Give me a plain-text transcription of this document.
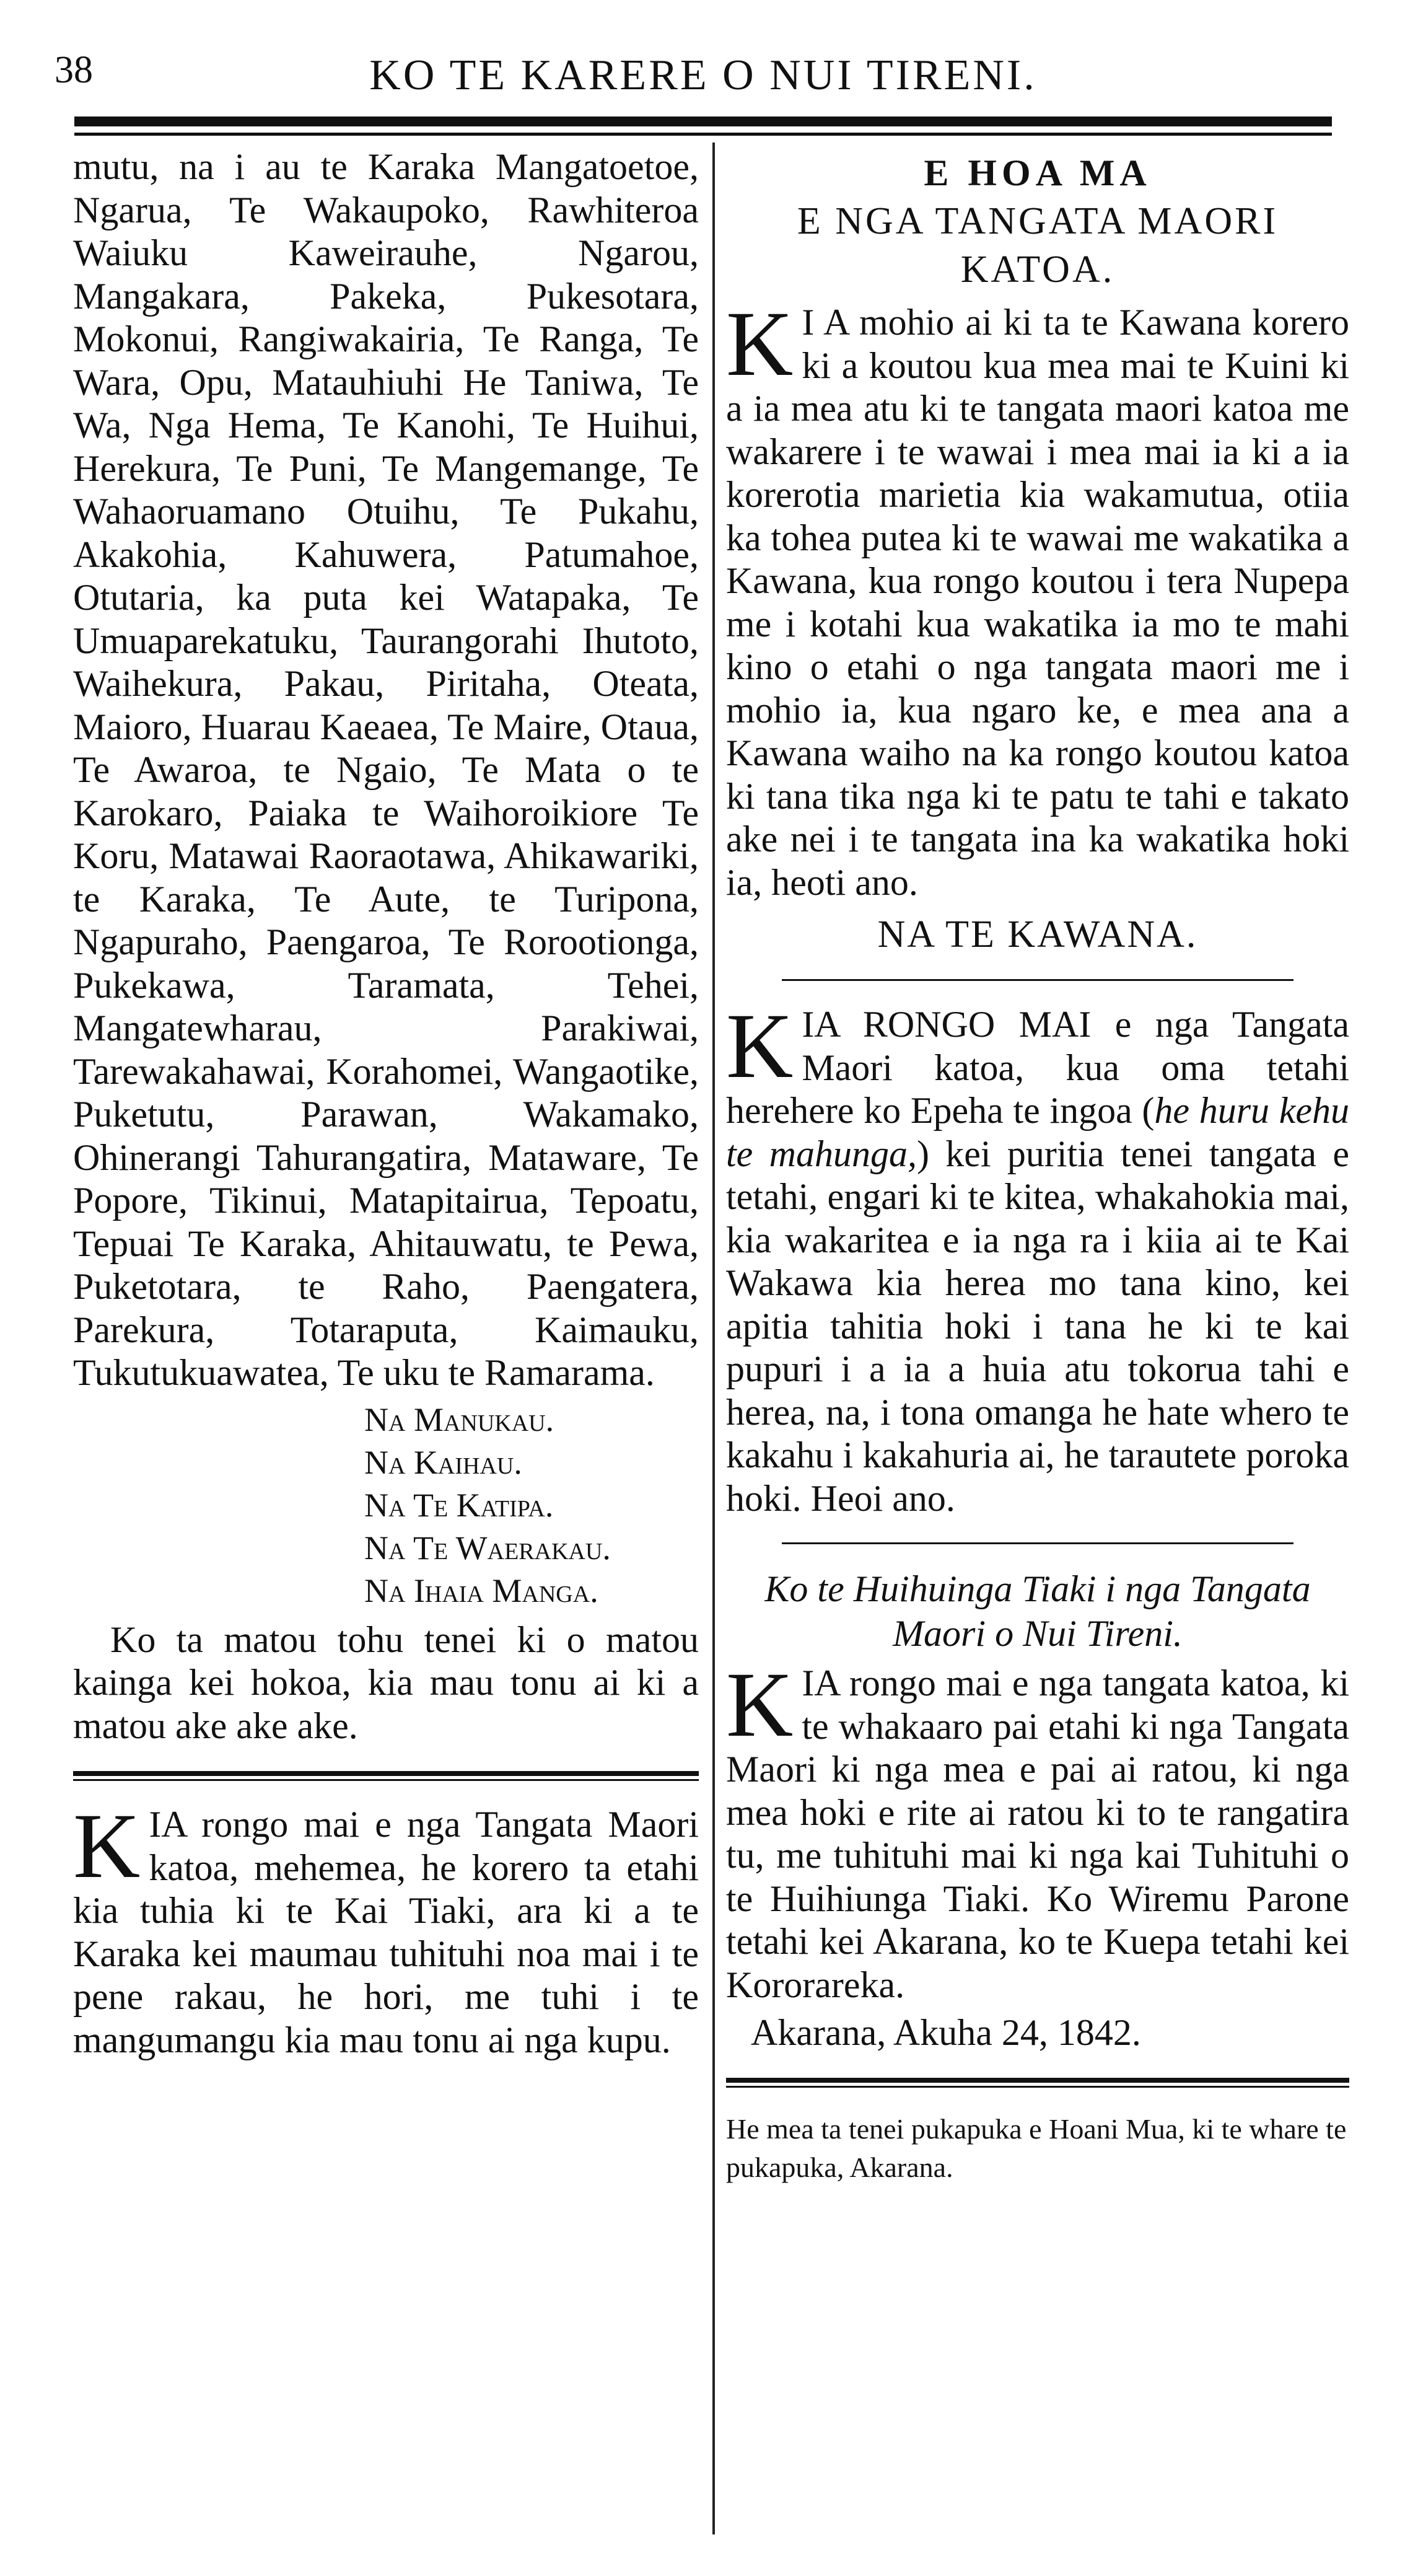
38	KO TE KARERE O NUI TIRENI.

mutu, na i au te Karaka Mangatoetoe, Ngarua, Te Wakaupoko, Rawhiteroa Waiuku Kaweirauhe, Ngarou, Mangakara, Pakeka, Pukesotara, Mokonui, Rangiwakairia, Te Ranga, Te Wara, Opu, Matauhiuhi He Taniwa, Te Wa, Nga Hema, Te Kanohi, Te Huihui, Herekura, Te Puni, Te Mangemange, Te Wahaoruamano Otuihu, Te Pukahu, Akakohia, Kahuwera, Patumahoe, Otutaria, ka puta kei Watapaka, Te Umuaparekatuku, Taurangorahi Ihutoto, Waihekura, Pakau, Piritaha, Oteata, Maioro, Huarau Kaeaea, Te Maire, Otaua, Te Awaroa, te Ngaio, Te Mata o te Karokaro, Paiaka te Waihoroikiore Te Koru, Matawai Raoraotawa, Ahikawariki, te Karaka, Te Aute, te Turipona, Ngapuraho, Paengaroa, Te Rorootionga, Pukekawa, Taramata, Tehei, Mangatewharau, Parakiwai, Tarewakahawai, Korahomei, Wangaotike, Puketutu, Parawan, Wakamako, Ohinerangi Tahurangatira, Mataware, Te Popore, Tikinui, Matapitairua, Tepoatu, Tepuai Te Karaka, Ahitauwatu, te Pewa, Puketotara, te Raho, Paengatera, Parekura, Totaraputa, Kaimauku, Tukutukuawatea, Te uku te Ramarama.

Na Manukau.
Na Kaihau.
Na Te Katipa.
Na Te Waerakau.
Na Ihaia Manga.

Ko ta matou tohu tenei ki o matou kainga kei hokoa, kia mau tonu ai ki a matou ake ake ake.

KIA rongo mai e nga Tangata Maori katoa, mehemea, he korero ta etahi kia tuhia ki te Kai Tiaki, ara ki a te Karaka kei maumau tuhituhi noa mai i te pene rakau, he hori, me tuhi i te mangumangu kia mau tonu ai nga kupu.

E HOA MA
E NGA TANGATA MAORI KATOA.

K I A mohio ai ki ta te Kawana korero ki a koutou kua mea mai te Kuini ki a ia mea atu ki te tangata maori katoa me wakarere i te wawai i mea mai ia ki a ia korerotia marietia kia wakamutua, otiia ka tohea putea ki te wawai me wakatika a Kawana, kua rongo koutou i tera Nupepa me i kotahi kua wakatika ia mo te mahi kino o etahi o nga tangata maori me i mohio ia, kua ngaro ke, e mea ana a Kawana waiho na ka rongo koutou katoa ki tana tika nga ki te patu te tahi e takato ake nei i te tangata ina ka wakatika hoki ia, heoti ano.

NA TE KAWANA.

KIA RONGO MAI e nga Tangata Maori katoa, kua oma tetahi herehere ko Epeha te ingoa (he huru kehu te mahunga,) kei puritia tenei tangata e tetahi, engari ki te kitea, whakahokia mai, kia wakaritea e ia nga ra i kiia ai te Kai Wakawa kia herea mo tana kino, kei apitia tahitia hoki i tana he ki te kai pupuri i a ia a huia atu tokorua tahi e herea, na, i tona omanga he hate whero te kakahu i kakahuria ai, he tarautete poroka hoki. Heoi ano.

Ko te Huihuinga Tiaki i nga Tangata Maori o Nui Tireni.

KIA rongo mai e nga tangata katoa, ki te whakaaro pai etahi ki nga Tangata Maori ki nga mea e pai ai ratou, ki nga mea hoki e rite ai ratou ki to te rangatira tu, me tuhituhi mai ki nga kai Tuhituhi o te Huihiunga Tiaki. Ko Wiremu Parone tetahi kei Akarana, ko te Kuepa tetahi kei Kororareka.

Akarana, Akuha 24, 1842.

He mea ta tenei pukapuka e Hoani Mua, ki te whare te pukapuka, Akarana.
